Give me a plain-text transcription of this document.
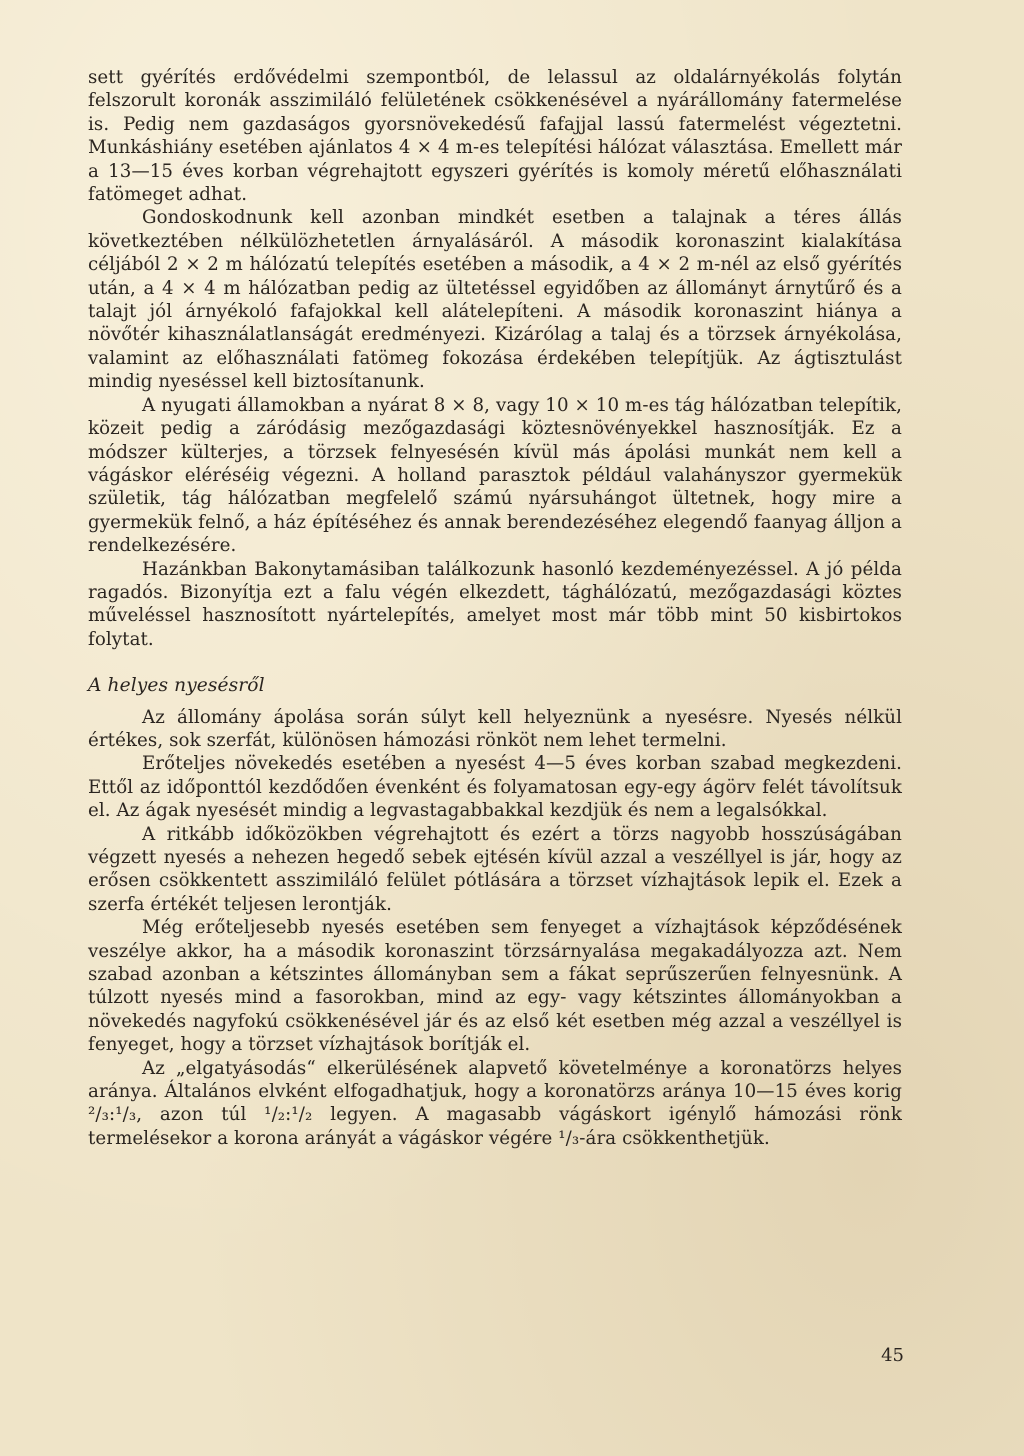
sett gyérítés erdővédelmi szempontból, de lelassul az oldalárnyékolás folytán felszorult koronák asszimiláló felületének csökkenésével a nyárállomány fatermelése is. Pedig nem gazdaságos gyorsnövekedésű fafajjal lassú fatermelést végeztetni. Munkáshiány esetében ajánlatos 4 × 4 m-es telepítési hálózat választása. Emellett már a 13—15 éves korban végrehajtott egyszeri gyérítés is komoly méretű előhasználati fatömeget adhat.

Gondoskodnunk kell azonban mindkét esetben a talajnak a téres állás következtében nélkülözhetetlen árnyalásáról. A második koronaszint kialakítása céljából 2 × 2 m hálózatú telepítés esetében a második, a 4 × 2 m-nél az első gyérítés után, a 4 × 4 m hálózatban pedig az ültetéssel egyidőben az állományt árnytűrő és a talajt jól árnyékoló fafajokkal kell alátelepíteni. A második koronaszint hiánya a növőtér kihasználatlanságát eredményezi. Kizárólag a talaj és a törzsek árnyékolása, valamint az előhasználati fatömeg fokozása érdekében telepítjük. Az ágtisztulást mindig nyeséssel kell biztosítanunk.

A nyugati államokban a nyárat 8 × 8, vagy 10 × 10 m-es tág hálózatban telepítik, közeit pedig a záródásig mezőgazdasági köztesnövényekkel hasznosítják. Ez a módszer külterjes, a törzsek felnyesésén kívül más ápolási munkát nem kell a vágáskor eléréséig végezni. A holland parasztok például valahányszor gyermekük születik, tág hálózatban megfelelő számú nyársuhángot ültetnek, hogy mire a gyermekük felnő, a ház építéséhez és annak berendezéséhez elegendő faanyag álljon a rendelkezésére.

Hazánkban Bakonytamásiban találkozunk hasonló kezdeményezéssel. A jó példa ragadós. Bizonyítja ezt a falu végén elkezdett, tághálózatú, mezőgazdasági köztes műveléssel hasznosított nyártelepítés, amelyet most már több mint 50 kisbirtokos folytat.

A helyes nyesésről

Az állomány ápolása során súlyt kell helyeznünk a nyesésre. Nyesés nélkül értékes, sok szerfát, különösen hámozási rönköt nem lehet termelni.

Erőteljes növekedés esetében a nyesést 4—5 éves korban szabad megkezdeni. Ettől az időponttól kezdődően évenként és folyamatosan egy-egy ágörv felét távolítsuk el. Az ágak nyesését mindig a legvastagabbakkal kezdjük és nem a legalsókkal.

A ritkább időközökben végrehajtott és ezért a törzs nagyobb hosszúságában végzett nyesés a nehezen hegedő sebek ejtésén kívül azzal a veszéllyel is jár, hogy az erősen csökkentett asszimiláló felület pótlására a törzset vízhajtások lepik el. Ezek a szerfa értékét teljesen lerontják.

Még erőteljesebb nyesés esetében sem fenyeget a vízhajtások képződésének veszélye akkor, ha a második koronaszint törzsárnyalása megakadályozza azt. Nem szabad azonban a kétszintes állományban sem a fákat seprűszerűen felnyesnünk. A túlzott nyesés mind a fasorokban, mind az egy- vagy kétszintes állományokban a növekedés nagyfokú csökkenésével jár és az első két esetben még azzal a veszéllyel is fenyeget, hogy a törzset vízhajtások borítják el.

Az „elgatyásodás“ elkerülésének alapvető követelménye a koronatörzs helyes aránya. Általános elvként elfogadhatjuk, hogy a koronatörzs aránya 10—15 éves korig ²/₃:¹/₃, azon túl ¹/₂:¹/₂ legyen. A magasabb vágáskort igénylő hámozási rönk termelésekor a korona arányát a vágáskor végére ¹/₃-ára csökkenthetjük.

45
